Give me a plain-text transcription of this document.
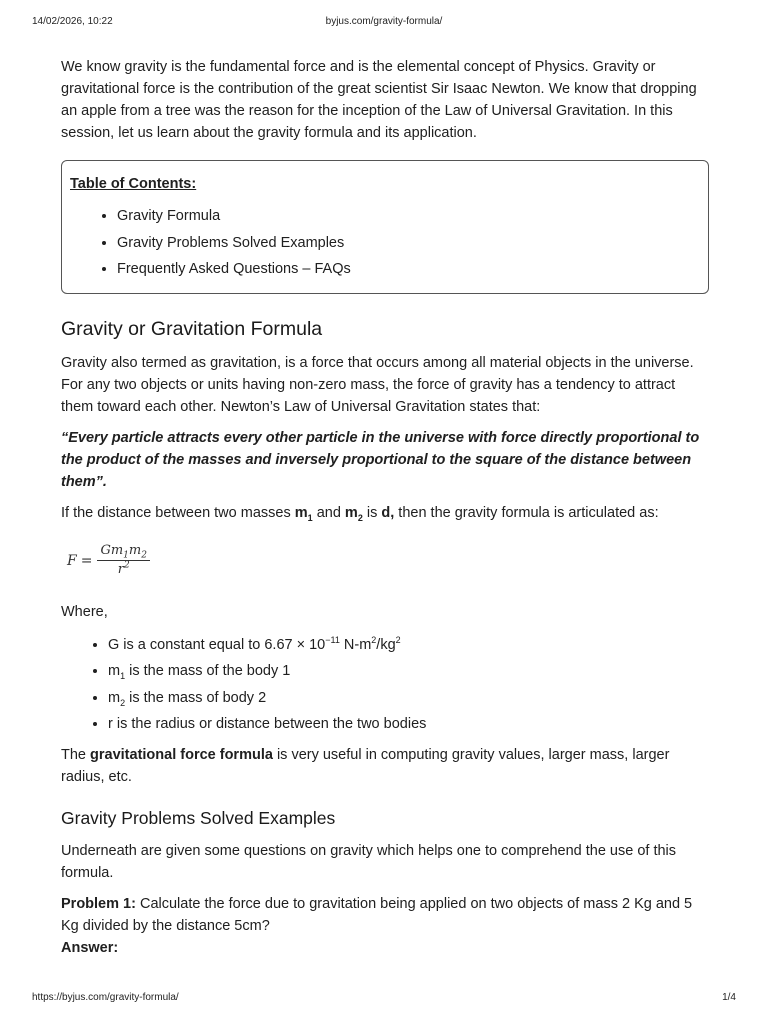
14/02/2026, 10:22	byjus.com/gravity-formula/

We know gravity is the fundamental force and is the elemental concept of Physics. Gravity or gravitational force is the contribution of the great scientist Sir Isaac Newton. We know that dropping an apple from a tree was the reason for the inception of the Law of Universal Gravitation. In this session, let us learn about the gravity formula and its application.

Table of Contents:
• Gravity Formula
• Gravity Problems Solved Examples
• Frequently Asked Questions – FAQs
Gravity or Gravitation Formula

Gravity also termed as gravitation, is a force that occurs among all material objects in the universe. For any two objects or units having non-zero mass, the force of gravity has a tendency to attract them toward each other. Newton’s Law of Universal Gravitation states that:

“Every particle attracts every other particle in the universe with force directly proportional to the product of the masses and inversely proportional to the square of the distance between them”.

If the distance between two masses $m_1$ and $m_2$ is d, then the gravity formula is articulated as:

$F = \frac{Gm_1m_2}{r^2}$

Where,

• G is a constant equal to $6.67 \times 10^{-11}$ $N-m^2/kg^2$
• $m_1$ is the mass of the body 1
• $m_2$ is the mass of body 2
• r is the radius or distance between the two bodies

The gravitational force formula is very useful in computing gravity values, larger mass, larger radius, etc.

Gravity Problems Solved Examples

Underneath are given some questions on gravity which helps one to comprehend the use of this formula.

Problem 1: Calculate the force due to gravitation being applied on two objects of mass 2 Kg and 5 Kg divided by the distance 5cm?

Answer:

https://byjus.com/gravity-formula/	1/4
